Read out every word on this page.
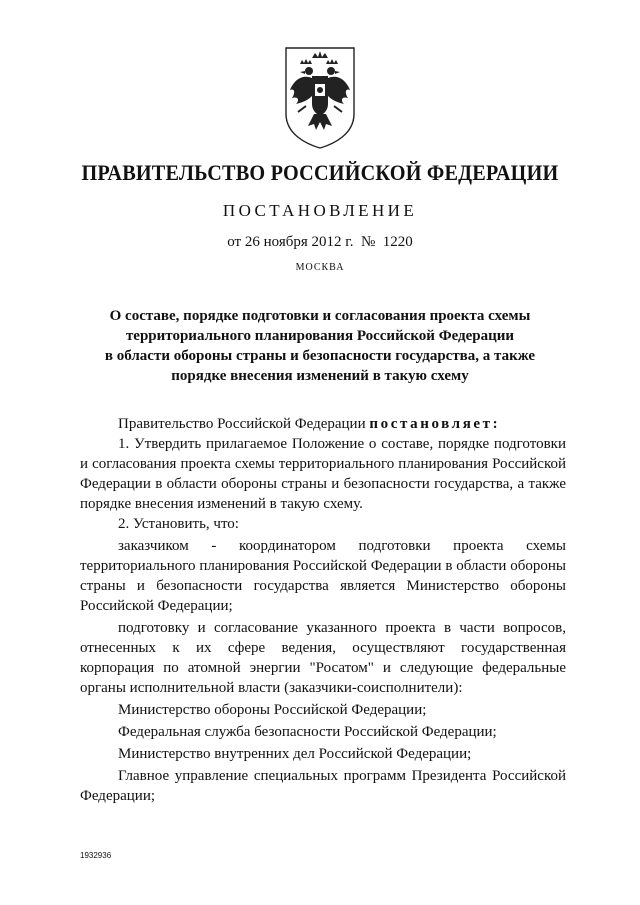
ПРАВИТЕЛЬСТВО РОССИЙСКОЙ ФЕДЕРАЦИИ
ПОСТАНОВЛЕНИЕ
от 26 ноября 2012 г. № 1220
МОСКВА
О составе, порядке подготовки и согласования проекта схемы
территориального планирования Российской Федерации
в области обороны страны и безопасности государства, а также
порядке внесения изменений в такую схему

Правительство Российской Федерации постановляет:

1. Утвердить прилагаемое Положение о составе, порядке подготовки и согласования проекта схемы территориального планирования Российской Федерации в области обороны страны и безопасности государства, а также порядке внесения изменений в такую схему.

2. Установить, что:

заказчиком - координатором подготовки проекта схемы территориального планирования Российской Федерации в области обороны страны и безопасности государства является Министерство обороны Российской Федерации;

подготовку и согласование указанного проекта в части вопросов, отнесенных к их сфере ведения, осуществляют государственная корпорация по атомной энергии "Росатом" и следующие федеральные органы исполнительной власти (заказчики-соисполнители):

Министерство обороны Российской Федерации;

Федеральная служба безопасности Российской Федерации;

Министерство внутренних дел Российской Федерации;

Главное управление специальных программ Президента Российской Федерации;

1932936
